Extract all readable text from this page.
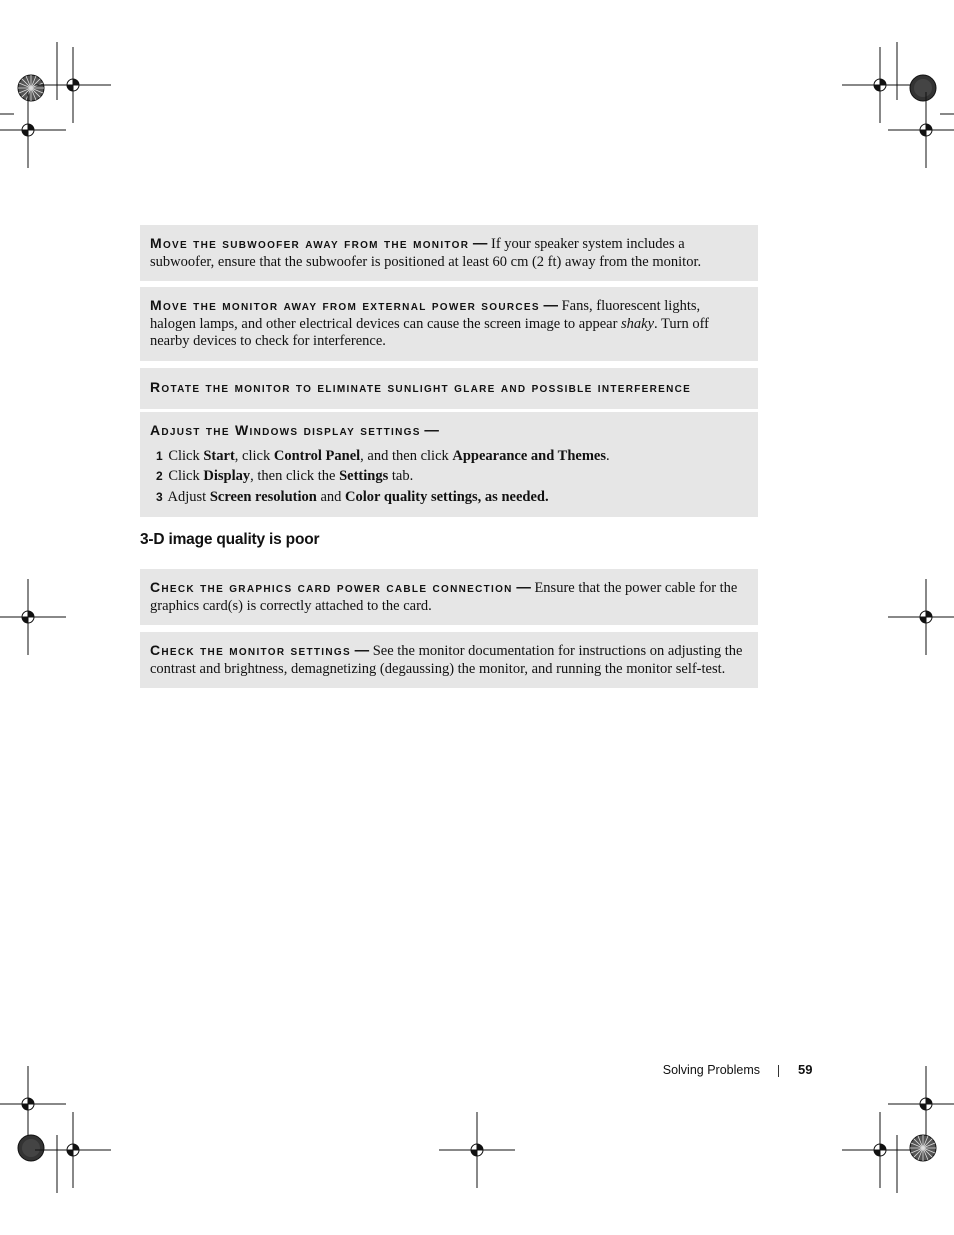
Move the subwoofer away from the monitor — If your speaker system includes a subwoofer, ensure that the subwoofer is positioned at least 60 cm (2 ft) away from the monitor.
Move the monitor away from external power sources — Fans, fluorescent lights, halogen lamps, and other electrical devices can cause the screen image to appear shaky. Turn off nearby devices to check for interference.
Rotate the monitor to eliminate sunlight glare and possible interference
Adjust the Windows display settings —
1 Click Start, click Control Panel, and then click Appearance and Themes.
2 Click Display, then click the Settings tab.
3 Adjust Screen resolution and Color quality settings, as needed.
3-D image quality is poor
Check the graphics card power cable connection — Ensure that the power cable for the graphics card(s) is correctly attached to the card.
Check the monitor settings — See the monitor documentation for instructions on adjusting the contrast and brightness, demagnetizing (degaussing) the monitor, and running the monitor self-test.
Solving Problems	59
